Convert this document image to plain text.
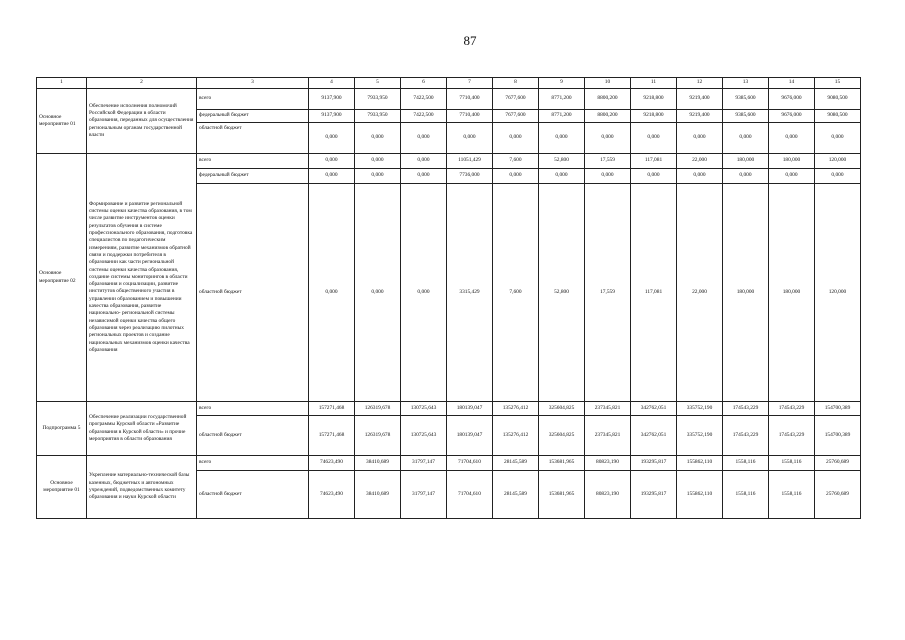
87
1	2	3	4	5	6	7	8	9	10	11	12	13	14	15
Основное мероприятие 01	Обеспечение исполнения полномочий Российской Федерации в области образования, переданных для осуществления региональным органам государственной власти	всего	9137,900	7933,950	7422,500	7710,400	7677,600	8771,200	8800,200	9218,800	9219,400	9385,600	9676,000	9080,500
		федеральный бюджет	9137,900	7933,950	7422,500	7710,400	7677,600	8771,200	8800,200	9218,800	9219,400	9385,600	9676,000	9080,500
		областной бюджет	0,000	0,000	0,000	0,000	0,000	0,000	0,000	0,000	0,000	0,000	0,000	0,000
Основное мероприятие 02	Формирование и развитие региональной системы оценки качества образования, в том числе развитие инструментов оценки результатов обучения в системе профессионального образования, подготовка специалистов по педагогическим измерениям, развитие механизмов обратной связи и поддержки потребителя в образовании как части региональной системы оценки качества образования, создание системы мониторингов в области образования и социализации, развитие институтов общественного участия в управлении образованием и повышении качества образования, развитие национально- региональной системы независимой оценки качества общего образования через реализацию пилотных региональных проектов и создание национальных механизмов оценки качества образования	всего	0,000	0,000	0,000	11051,429	7,600	52,800	17,559	117,081	22,000	180,000	180,000	120,000
		федеральный бюджет	0,000	0,000	0,000	7736,000	0,000	0,000	0,000	0,000	0,000	0,000	0,000	0,000
		областной бюджет	0,000	0,000	0,000	3315,429	7,600	52,800	17,559	117,081	22,000	180,000	180,000	120,000
Подпрограмма 5	Обеспечение реализации государственной программы Курской области «Развитие образования в Курской области» и прочие мероприятия в области образования	всего	157271,468	126319,678	130725,643	180139,047	135276,412	325604,825	237345,821	342762,051	335752,190	174543,229	174543,229	154700,389
		областной бюджет	157271,468	126319,678	130725,643	180139,047	135276,412	325604,825	237345,821	342762,051	335752,190	174543,229	174543,229	154700,389
Основное мероприятие 01	Укрепление материально-технической базы казенных, бюджетных и автономных учреждений, подведомственных комитету образования и науки Курской области	всего	74623,490	38410,689	31797,147	71704,610	28145,589	153681,965	80823,190	193295,817	155862,110	1558,116	1558,116	25760,689
		областной бюджет	74623,490	38410,689	31797,147	71704,610	28145,589	153681,965	80823,190	193295,817	155862,110	1558,116	1558,116	25760,689
